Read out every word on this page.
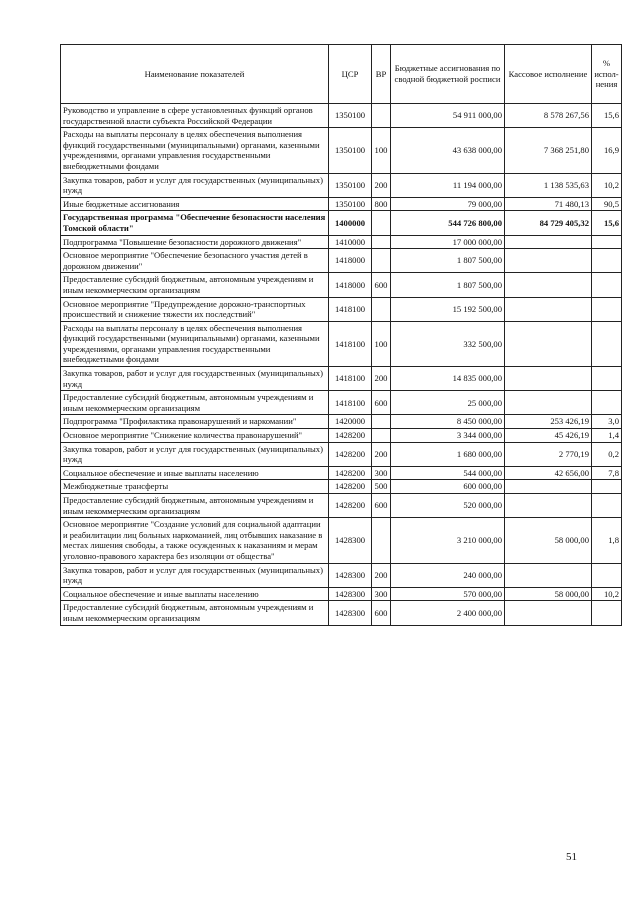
Наименование показателей	ЦСР	ВР	Бюджетные ассигнования по сводной бюджетной росписи	Кассовое исполнение	% испол-нения
Руководство и управление в сфере установленных функций органов государственной власти субъекта Российской Федерации	1350100		54 911 000,00	8 578 267,56	15,6
Расходы на выплаты персоналу в целях обеспечения выполнения функций государственными (муниципальными) органами, казенными учреждениями, органами управления государственными внебюджетными фондами	1350100	100	43 638 000,00	7 368 251,80	16,9
Закупка товаров, работ и услуг для государственных (муниципальных) нужд	1350100	200	11 194 000,00	1 138 535,63	10,2
Иные бюджетные ассигнования	1350100	800	79 000,00	71 480,13	90,5
Государственная программа "Обеспечение безопасности населения Томской области"	1400000		544 726 800,00	84 729 405,32	15,6
Подпрограмма "Повышение безопасности дорожного движения"	1410000		17 000 000,00		
Основное мероприятие "Обеспечение безопасного участия детей в дорожном движении"	1418000		1 807 500,00		
Предоставление субсидий бюджетным, автономным учреждениям и иным некоммерческим организациям	1418000	600	1 807 500,00		
Основное мероприятие "Предупреждение дорожно-транспортных происшествий и снижение тяжести их последствий"	1418100		15 192 500,00		
Расходы на выплаты персоналу в целях обеспечения выполнения функций государственными (муниципальными) органами, казенными учреждениями, органами управления государственными внебюджетными фондами	1418100	100	332 500,00		
Закупка товаров, работ и услуг для государственных (муниципальных) нужд	1418100	200	14 835 000,00		
Предоставление субсидий бюджетным, автономным учреждениям и иным некоммерческим организациям	1418100	600	25 000,00		
Подпрограмма "Профилактика правонарушений и наркомании"	1420000		8 450 000,00	253 426,19	3,0
Основное мероприятие "Снижение количества правонарушений"	1428200		3 344 000,00	45 426,19	1,4
Закупка товаров, работ и услуг для государственных (муниципальных) нужд	1428200	200	1 680 000,00	2 770,19	0,2
Социальное обеспечение и иные выплаты населению	1428200	300	544 000,00	42 656,00	7,8
Межбюджетные трансферты	1428200	500	600 000,00		
Предоставление субсидий бюджетным, автономным учреждениям и иным некоммерческим организациям	1428200	600	520 000,00		
Основное мероприятие "Создание условий для социальной адаптации и реабилитации лиц больных наркоманией, лиц отбывших наказание в местах лишения свободы, а также осужденных к наказаниям и мерам уголовно-правового характера без изоляции от общества"	1428300		3 210 000,00	58 000,00	1,8
Закупка товаров, работ и услуг для государственных (муниципальных) нужд	1428300	200	240 000,00		
Социальное обеспечение и иные выплаты населению	1428300	300	570 000,00	58 000,00	10,2
Предоставление субсидий бюджетным, автономным учреждениям и иным некоммерческим организациям	1428300	600	2 400 000,00		
51
